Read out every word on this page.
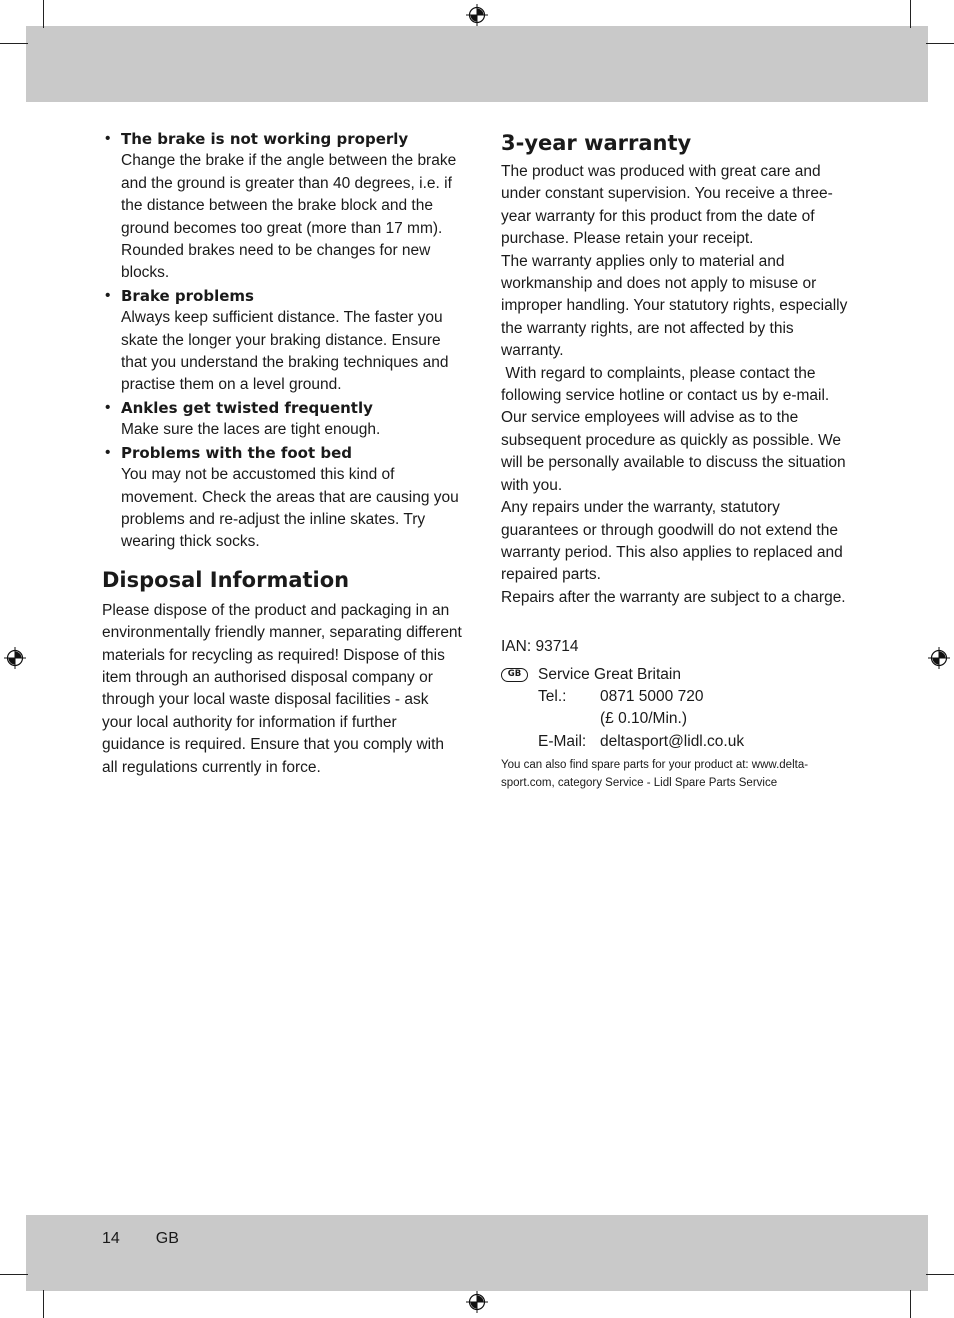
• The brake is not working properly
Change the brake if the angle between the brake and the ground is greater than 40 degrees, i.e. if the distance between the brake block and the ground becomes too great (more than 17 mm). Rounded brakes need to be changes for new blocks.
• Brake problems
Always keep sufficient distance. The faster you skate the longer your braking distance. Ensure that you understand the braking techniques and practise them on a level ground.
• Ankles get twisted frequently
Make sure the laces are tight enough.
• Problems with the foot bed
You may not be accustomed this kind of movement. Check the areas that are causing you problems and re-adjust the inline skates. Try wearing thick socks.
Disposal Information

Please dispose of the product and packaging in an environmentally friendly manner, separating different materials for recycling as required! Dispose of this item through an authorised disposal company or through your local waste disposal facilities - ask your local authority for information if further guidance is required. Ensure that you comply with all regulations currently in force.

3-year warranty

The product was produced with great care and under constant supervision. You receive a three-year warranty for this product from the date of purchase. Please retain your receipt.

The warranty applies only to material and workmanship and does not apply to misuse or improper handling. Your statutory rights, especially the warranty rights, are not affected by this warranty.

With regard to complaints, please contact the following service hotline or contact us by e-mail. Our service employees will advise as to the subsequent procedure as quickly as possible. We will be personally available to discuss the situation with you.

Any repairs under the warranty, statutory guarantees or through goodwill do not extend the warranty period. This also applies to replaced and repaired parts.

Repairs after the warranty are subject to a charge.

IAN: 93714
GB	Service Great Britain
Tel.:	0871 5000 720
(£ 0.10/Min.)
E-Mail: deltasport@lidl.co.uk

You can also find spare parts for your product at: www.delta-sport.com, category Service - Lidl Spare Parts Service

14 GB
